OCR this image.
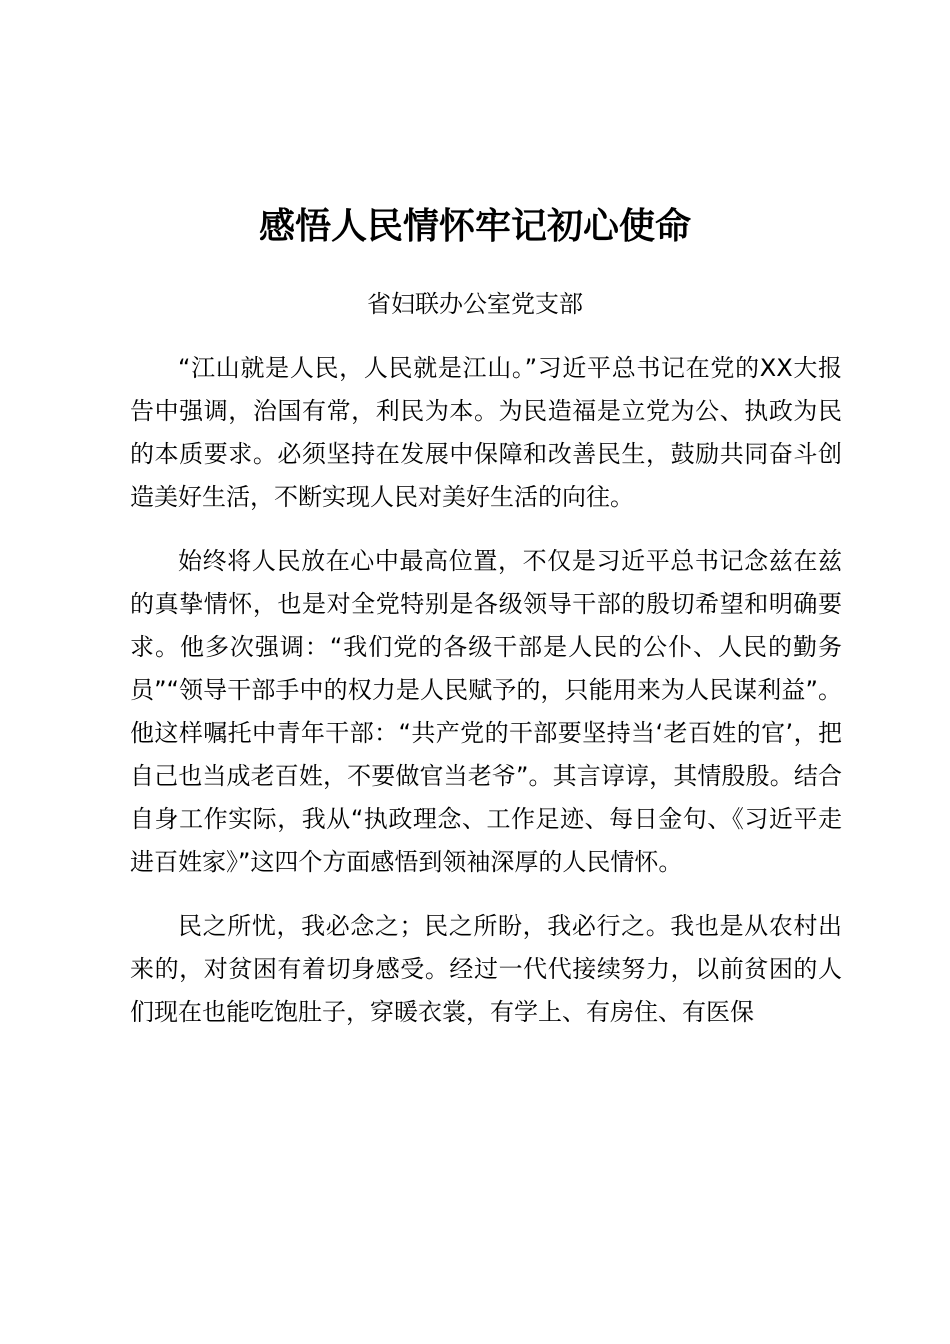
感悟人民情怀牢记初心使命
省妇联办公室党支部

“江山就是人民，人民就是江山。”习近平总书记在党的XX大报告中强调，治国有常，利民为本。为民造福是立党为公、执政为民的本质要求。必须坚持在发展中保障和改善民生，鼓励共同奋斗创造美好生活，不断实现人民对美好生活的向往。

始终将人民放在心中最高位置，不仅是习近平总书记念兹在兹的真挚情怀，也是对全党特别是各级领导干部的殷切希望和明确要求。他多次强调：“我们党的各级干部是人民的公仆、人民的勤务员”“领导干部手中的权力是人民赋予的，只能用来为人民谋利益”。他这样嘱托中青年干部：“共产党的干部要坚持当‘老百姓的官’，把自己也当成老百姓，不要做官当老爷”。其言谆谆，其情殷殷。结合自身工作实际，我从“执政理念、工作足迹、每日金句、《习近平走进百姓家》”这四个方面感悟到领袖深厚的人民情怀。

民之所忧，我必念之；民之所盼，我必行之。我也是从农村出来的，对贫困有着切身感受。经过一代代接续努力，以前贫困的人们现在也能吃饱肚子，穿暖衣裳，有学上、有房住、有医保
